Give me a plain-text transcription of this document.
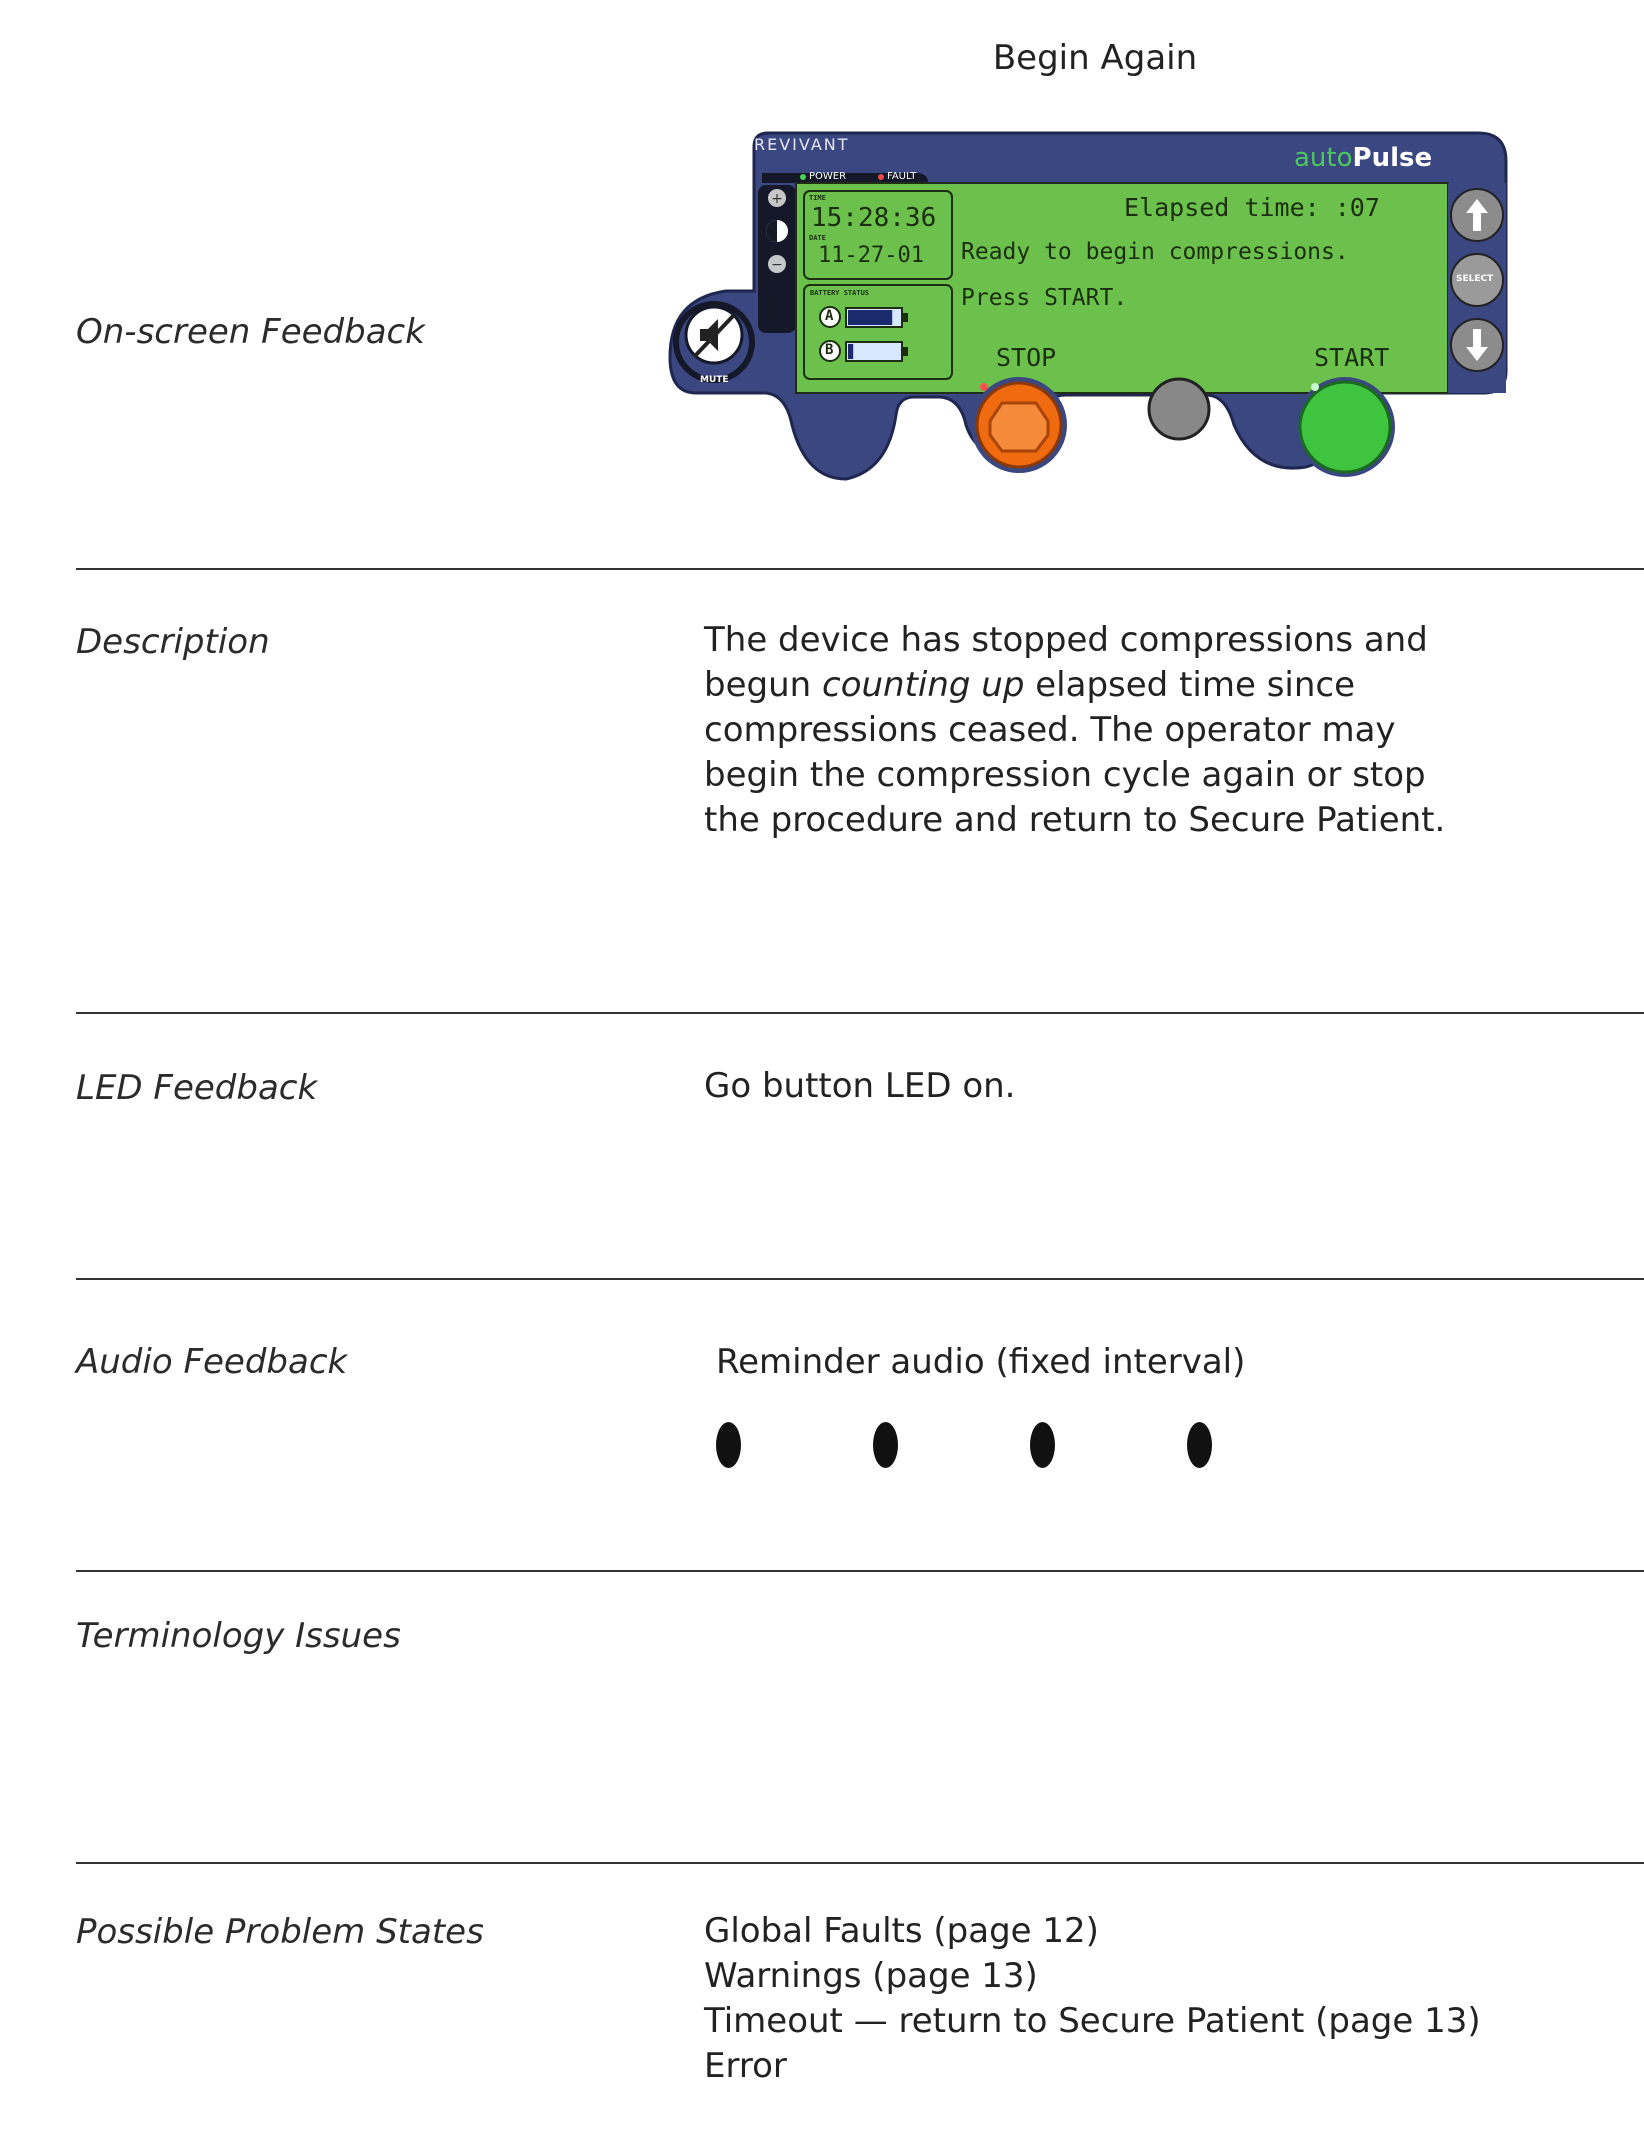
Begin Again
On-screen Feedback
+
−
REVIVANT
POWER	FAULT
autoPulse
TIME
15:28:36
DATE
11-27-01
BATTERY STATUS
A
B
Elapsed time: :07
Ready to begin compressions.
Press START.
STOP	START
SELECT
MUTE
Description	The device has stopped compressions and begun counting up elapsed time since compressions ceased. The operator may begin the compression cycle again or stop the procedure and return to Secure Patient.

LED Feedback	Go button LED on.

Audio Feedback	Reminder audio (fixed interval)

Terminology Issues
Possible Problem States	Global Faults (page 12)
Warnings (page 13)
Timeout — return to Secure Patient (page 13)
Error
